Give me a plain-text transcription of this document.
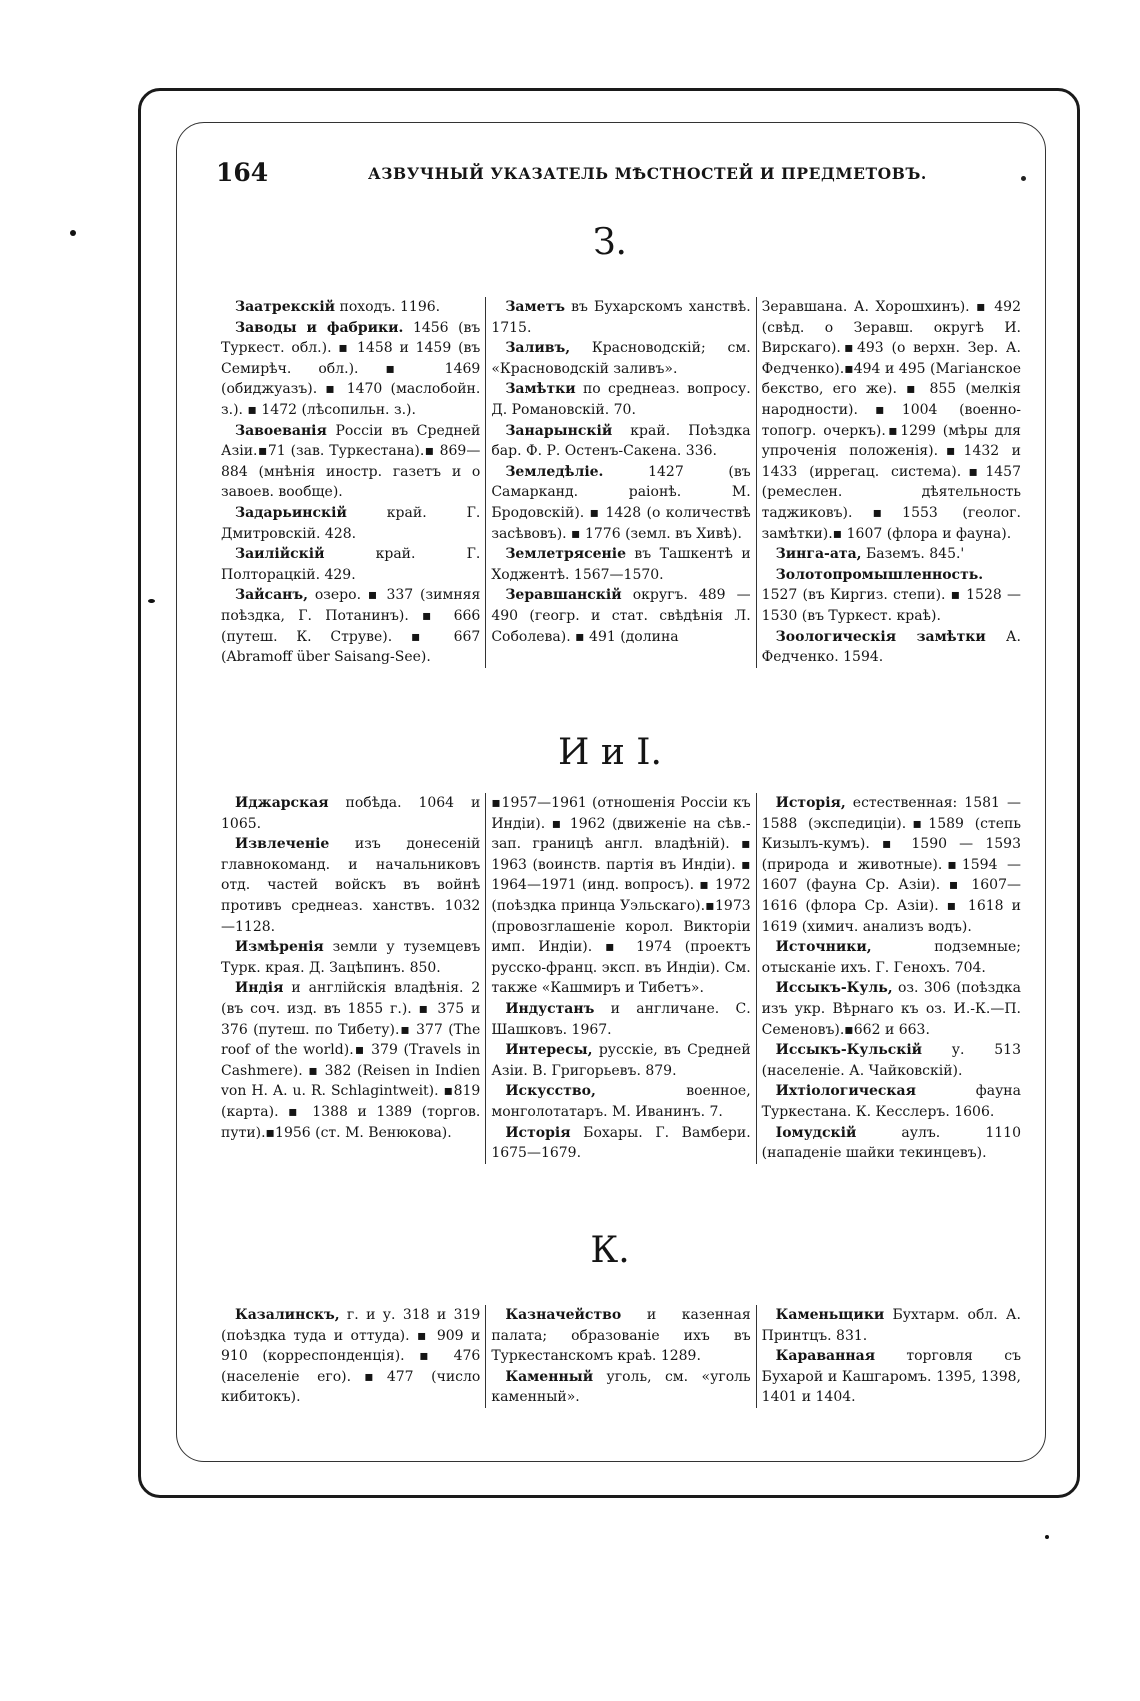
164	АЗВУЧНЫЙ УКАЗАТЕЛЬ МѢСТНОСТЕЙ И ПРЕДМЕТОВЪ.
З.
Заатрекскій походъ. 1196.
Заводы и фабрики. 1456 (въ Туркест. обл.). ▪ 1458 и 1459 (въ Семирѣч. обл.). ▪ 1469 (обиджуазъ). ▪ 1470 (маслобойн. з.). ▪ 1472 (лѣсопильн. з.).
Завоеванія Россіи въ Средней Азіи.▪71 (зав. Туркестана).▪ 869—884 (мнѣнія иностр. газетъ и о завоев. вообще).
Задарьинскій край. Г. Дмитровскій. 428.
Заилійскій край. Г. Полторацкій. 429.
Зайсанъ, озеро. ▪ 337 (зимняя поѣздка, Г. Потанинъ). ▪ 666 (путеш. К. Струве). ▪ 667 (Abramoff über Saisang-See).
Заметъ въ Бухарскомъ ханствѣ. 1715.
Заливъ, Красноводскій; см. «Красноводскій заливъ».
Замѣтки по среднеаз. вопросу. Д. Романовскій. 70.
Занарынскій край. Поѣздка бар. Ф. Р. Остенъ-Сакена. 336.
Земледѣліе. 1427 (въ Самарканд. раіонѣ. М. Бродовскій). ▪ 1428 (о количествѣ засѣвовъ). ▪ 1776 (земл. въ Хивѣ).
Землетрясеніе въ Ташкентѣ и Ходжентѣ. 1567—1570.
Зеравшанскій округъ. 489 —490 (геогр. и стат. свѣдѣнія Л. Соболева). ▪ 491 (долина
Зеравшана. А. Хорошхинъ). ▪ 492 (свѣд. о Зеравш. округѣ И. Вирскаго).▪493 (о верхн. Зер. А. Федченко).▪494 и 495 (Магіанское бекство, его же). ▪ 855 (мелкія народности).▪1004 (военно-топогр. очеркъ).▪1299 (мѣры для упроченія положенія).▪1432 и 1433 (иррегац. система).▪1457 (ремеслен. дѣятельность таджиковъ).▪1553 (геолог. замѣтки).▪ 1607 (флора и фауна).
Зинга-ата, Баземъ. 845.'
Золотопромышленность. 1527 (въ Киргиз. степи). ▪ 1528 —1530 (въ Туркест. краѣ).
Зоологическія замѣтки А. Федченко. 1594.
И и I.
Иджарская побѣда. 1064 и 1065.
Извлеченіе изъ донесеній главнокоманд. и начальниковъ отд. частей войскъ въ войнѣ противъ среднеаз. ханствъ. 1032 —1128.
Измѣренія земли у туземцевъ Турк. края. Д. Зацѣпинъ. 850.
Индія и англійскія владѣнія. 2 (въ соч. изд. въ 1855 г.). ▪ 375 и 376 (путеш. по Тибету).▪ 377 (The roof of the world).▪ 379 (Travels in Cashmere). ▪ 382 (Reisen in Indien von H. A. u. R. Schlagintweit). ▪819 (карта). ▪ 1388 и 1389 (торгов. пути).▪1956 (ст. М. Венюкова).
▪1957—1961 (отношенія Россіи къ Индіи). ▪ 1962 (движеніе на сѣв.-зап. границѣ англ. владѣній). ▪ 1963 (воинств. партія въ Индіи). ▪ 1964—1971 (инд. вопросъ). ▪ 1972 (поѣздка принца Уэльскаго).▪1973 (провозглашеніе корол. Викторіи имп. Индіи). ▪ 1974 (проектъ русско-франц. эксп. въ Индіи). См. также «Кашмиръ и Тибетъ».
Индустанъ и англичане. С. Шашковъ. 1967.
Интересы, русскіе, въ Средней Азіи. В. Григорьевъ. 879.
Искусство, военное, монголотатаръ. М. Иванинъ. 7.
Исторія Бохары. Г. Вамбери. 1675—1679.
Исторія, естественная: 1581 —1588 (экспедиціи).▪1589 (степь Кизылъ-кумъ). ▪ 1590 — 1593 (природа и животные).▪1594 — 1607 (фауна Ср. Азіи). ▪ 1607— 1616 (флора Ср. Азіи). ▪ 1618 и 1619 (химич. анализъ водъ).
Источники, подземные; отысканіе ихъ. Г. Генохъ. 704.
Иссыкъ-Куль, оз. 306 (поѣздка изъ укр. Вѣрнаго къ оз. И.-К.—П. Семеновъ).▪662 и 663.
Иссыкъ-Кульскій у. 513 (населеніе. А. Чайковскій).
Ихтіологическая фауна Туркестана. К. Кесслеръ. 1606.
Іомудскій аулъ. 1110 (нападеніе шайки текинцевъ).
К.
Казалинскъ, г. и у. 318 и 319 (поѣздка туда и оттуда). ▪ 909 и 910 (корреспонденція). ▪ 476 (населеніе его).▪477 (число кибитокъ).
Казначейство и казенная палата; образованіе ихъ въ Туркестанскомъ краѣ. 1289.
Каменный уголь, см. «уголь каменный».
Каменьщики Бухтарм. обл. А. Принтцъ. 831.
Караванная торговля съ Бухарой и Кашгаромъ. 1395, 1398, 1401 и 1404.
